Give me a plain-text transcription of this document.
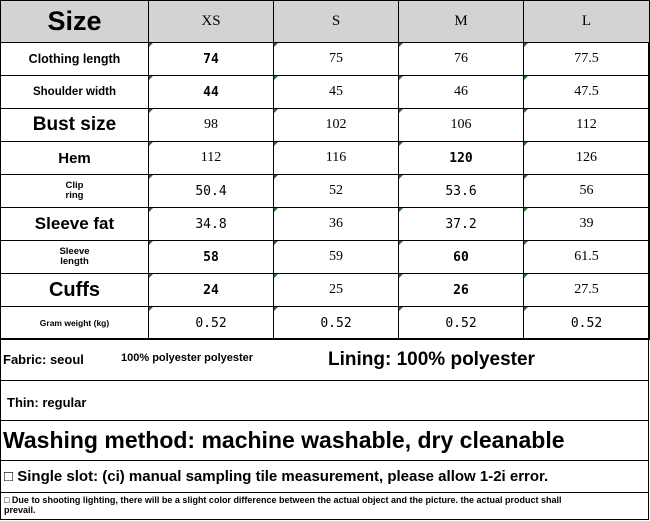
Size	XS	S	M	L
Clothing length	74	75	76	77.5
Shoulder width	44	45	46	47.5
Bust size	98	102	106	112
Hem	112	116	120	126
Clip ring	50.4	52	53.6	56
Sleeve fat	34.8	36	37.2	39
Sleeve length	58	59	60	61.5
Cuffs	24	25	26	27.5
Gram weight (kg)	0.52	0.52	0.52	0.52
Fabric: seoul	100% polyester polyester	Lining: 100% polyester
Thin: regular
Washing method: machine washable, dry cleanable
□ Single slot: (ci) manual sampling tile measurement, please allow 1-2i error.
□ Due to shooting lighting, there will be a slight color difference between the actual object and the picture. the actual product shall prevail.
